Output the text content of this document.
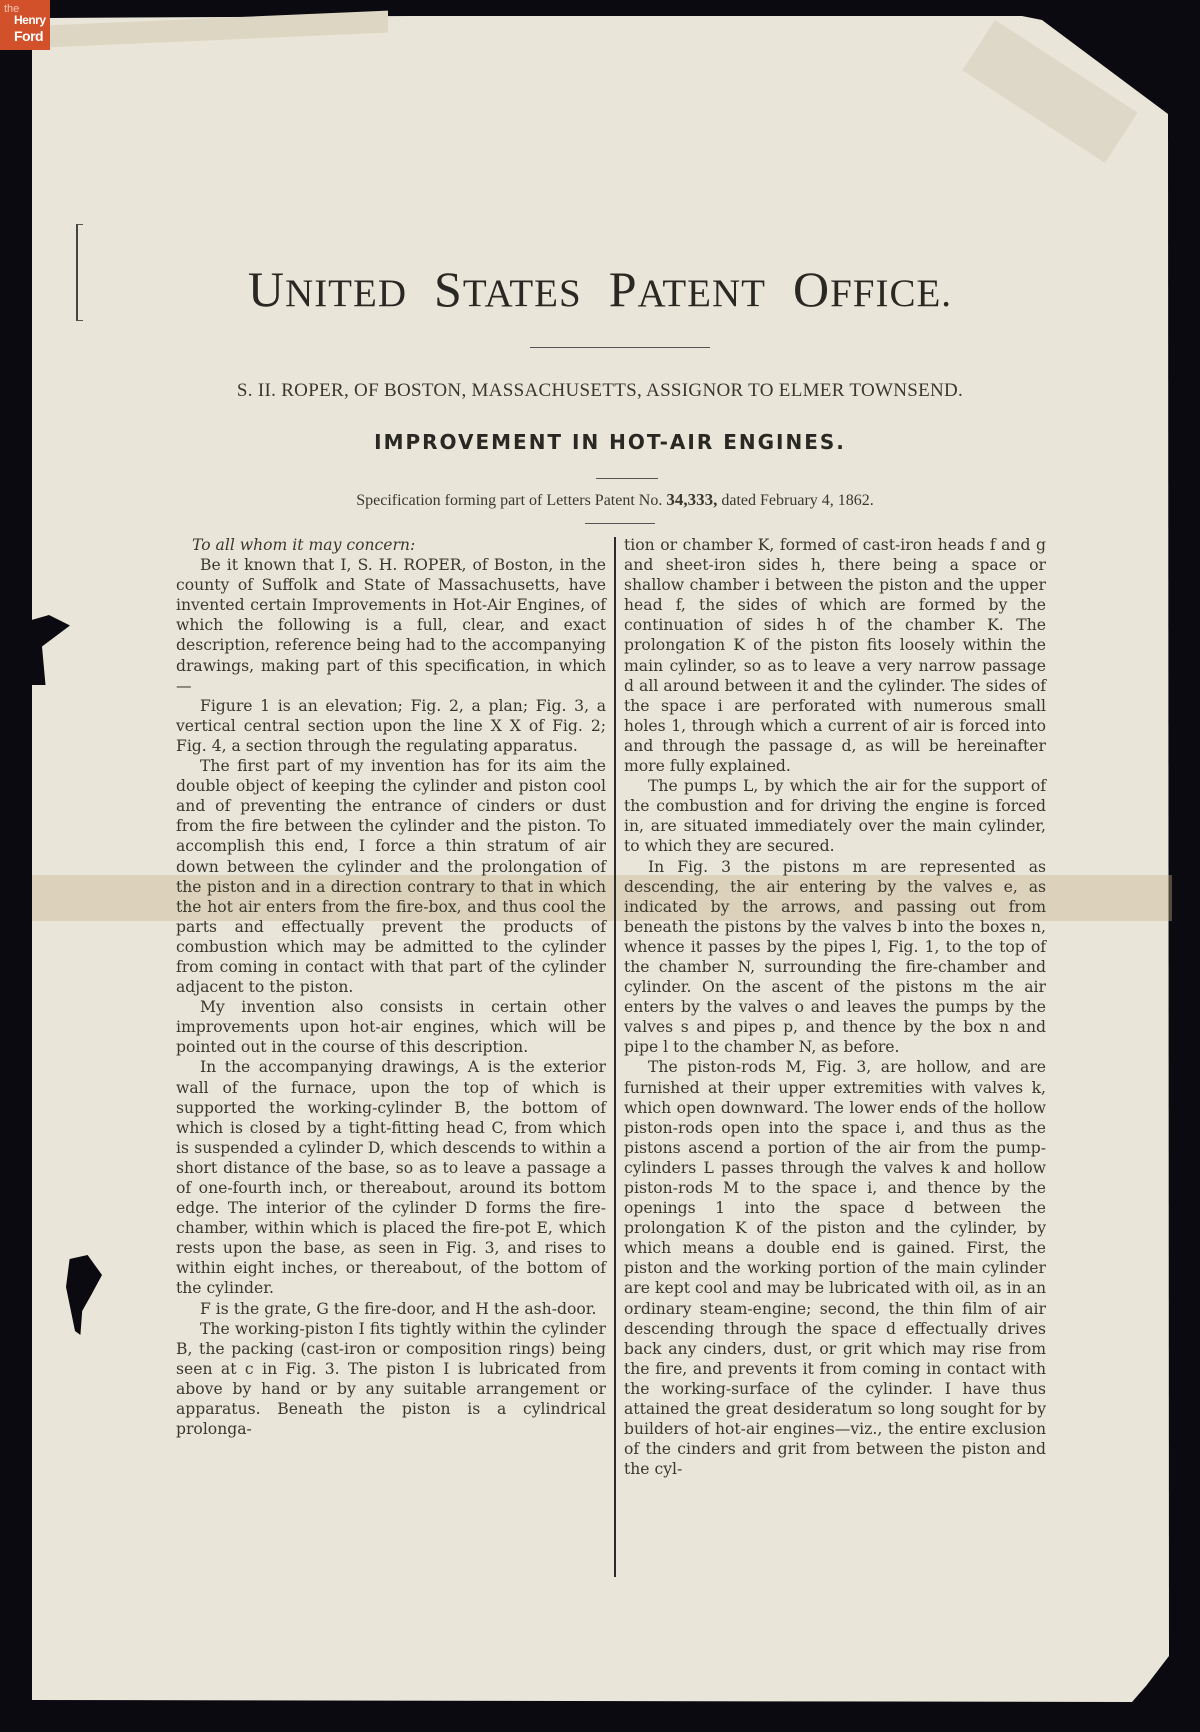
the
Henry
Ford
UNITED STATES PATENT OFFICE.
S. II. ROPER, OF BOSTON, MASSACHUSETTS, ASSIGNOR TO ELMER TOWNSEND.
IMPROVEMENT IN HOT-AIR ENGINES.
Specification forming part of Letters Patent No. 34,333, dated February 4, 1862.

To all whom it may concern:

Be it known that I, S. H. ROPER, of Boston, in the county of Suffolk and State of Massachusetts, have invented certain Improvements in Hot-Air Engines, of which the following is a full, clear, and exact description, reference being had to the accompanying drawings, making part of this specification, in which—

Figure 1 is an elevation; Fig. 2, a plan; Fig. 3, a vertical central section upon the line X X of Fig. 2; Fig. 4, a section through the regulating apparatus.

The first part of my invention has for its aim the double object of keeping the cylinder and piston cool and of preventing the entrance of cinders or dust from the fire between the cylinder and the piston. To accomplish this end, I force a thin stratum of air down between the cylinder and the prolongation of the piston and in a direction contrary to that in which the hot air enters from the fire-box, and thus cool the parts and effectually prevent the products of combustion which may be admitted to the cylinder from coming in contact with that part of the cylinder adjacent to the piston.

My invention also consists in certain other improvements upon hot-air engines, which will be pointed out in the course of this description.

In the accompanying drawings, A is the exterior wall of the furnace, upon the top of which is supported the working-cylinder B, the bottom of which is closed by a tight-fitting head C, from which is suspended a cylinder D, which descends to within a short distance of the base, so as to leave a passage a of one-fourth inch, or thereabout, around its bottom edge. The interior of the cylinder D forms the fire-chamber, within which is placed the fire-pot E, which rests upon the base, as seen in Fig. 3, and rises to within eight inches, or thereabout, of the bottom of the cylinder.

F is the grate, G the fire-door, and H the ash-door.

The working-piston I fits tightly within the cylinder B, the packing (cast-iron or composition rings) being seen at c in Fig. 3. The piston I is lubricated from above by hand or by any suitable arrangement or apparatus. Beneath the piston is a cylindrical prolonga-

tion or chamber K, formed of cast-iron heads f and g and sheet-iron sides h, there being a space or shallow chamber i between the piston and the upper head f, the sides of which are formed by the continuation of sides h of the chamber K. The prolongation K of the piston fits loosely within the main cylinder, so as to leave a very narrow passage d all around between it and the cylinder. The sides of the space i are perforated with numerous small holes 1, through which a current of air is forced into and through the passage d, as will be hereinafter more fully explained.

The pumps L, by which the air for the support of the combustion and for driving the engine is forced in, are situated immediately over the main cylinder, to which they are secured.

In Fig. 3 the pistons m are represented as descending, the air entering by the valves e, as indicated by the arrows, and passing out from beneath the pistons by the valves b into the boxes n, whence it passes by the pipes l, Fig. 1, to the top of the chamber N, surrounding the fire-chamber and cylinder. On the ascent of the pistons m the air enters by the valves o and leaves the pumps by the valves s and pipes p, and thence by the box n and pipe l to the chamber N, as before.

The piston-rods M, Fig. 3, are hollow, and are furnished at their upper extremities with valves k, which open downward. The lower ends of the hollow piston-rods open into the space i, and thus as the pistons ascend a portion of the air from the pump-cylinders L passes through the valves k and hollow piston-rods M to the space i, and thence by the openings 1 into the space d between the prolongation K of the piston and the cylinder, by which means a double end is gained. First, the piston and the working portion of the main cylinder are kept cool and may be lubricated with oil, as in an ordinary steam-engine; second, the thin film of air descending through the space d effectually drives back any cinders, dust, or grit which may rise from the fire, and prevents it from coming in contact with the working-surface of the cylinder. I have thus attained the great desideratum so long sought for by builders of hot-air engines—viz., the entire exclusion of the cinders and grit from between the piston and the cyl-
